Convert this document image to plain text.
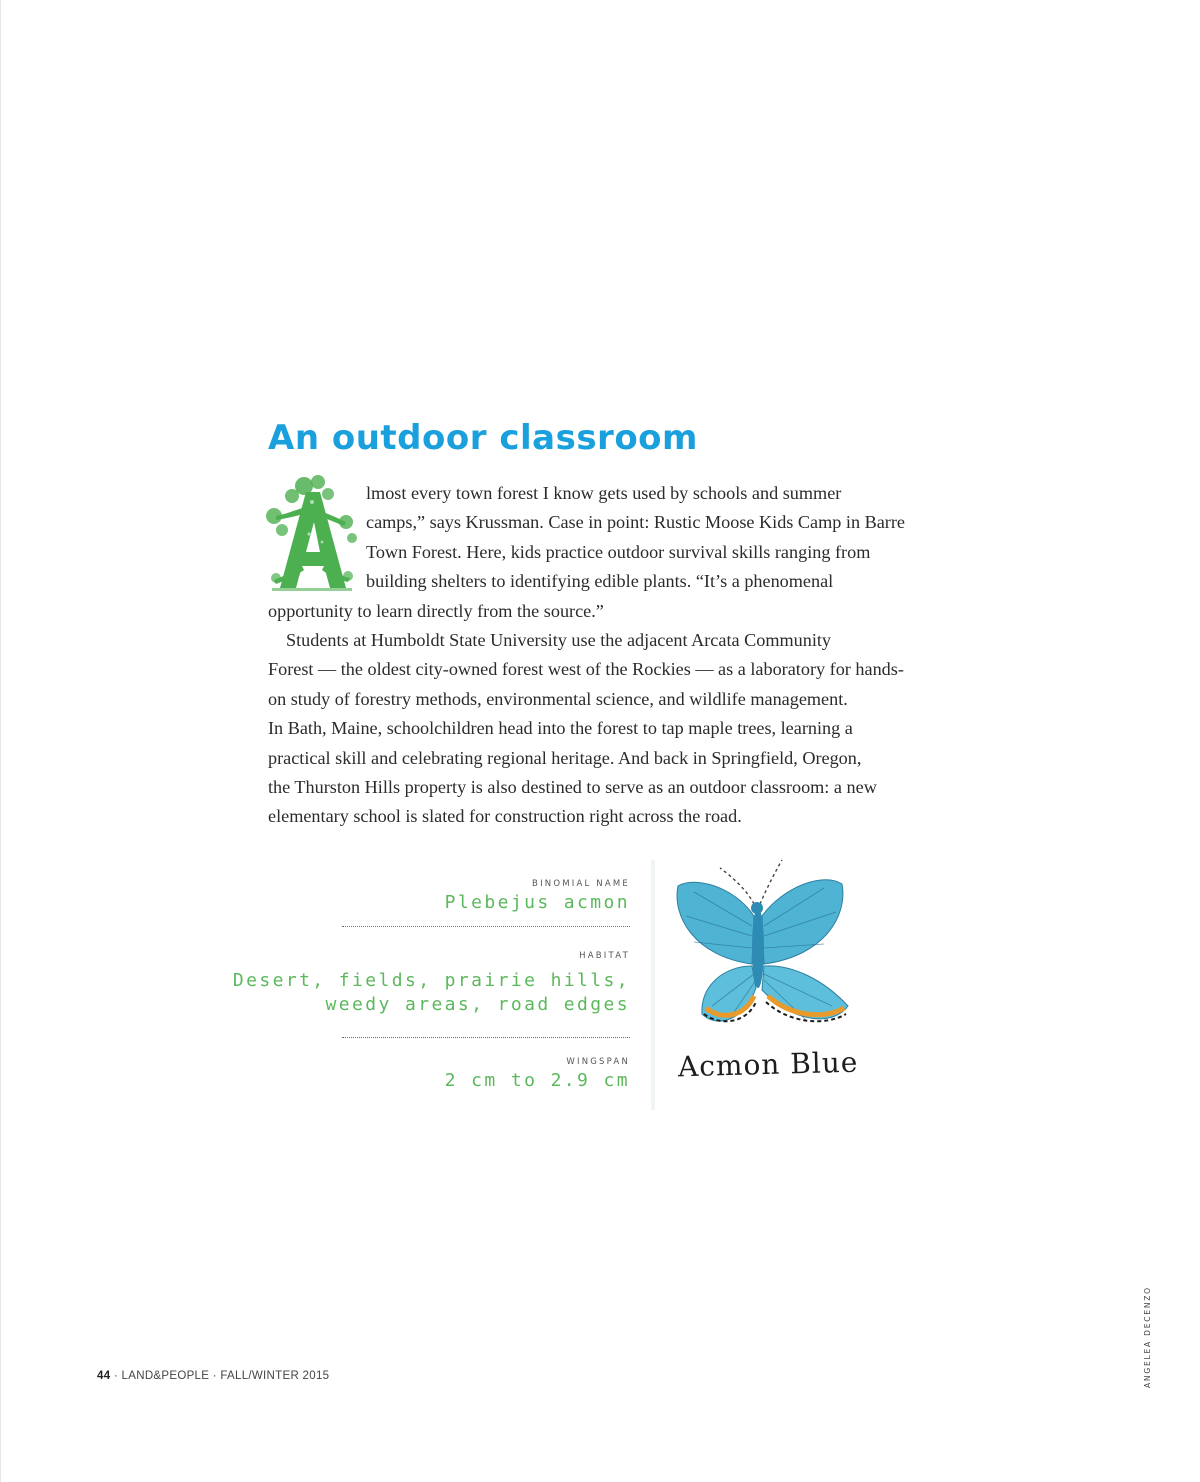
An outdoor classroom
lmost every town forest I know gets used by schools and summer
camps,” says Krussman. Case in point: Rustic Moose Kids Camp in Barre
Town Forest. Here, kids practice outdoor survival skills ranging from
building shelters to identifying edible plants. “It’s a phenomenal
opportunity to learn directly from the source.”
Students at Humboldt State University use the adjacent Arcata Community
Forest — the oldest city-owned forest west of the Rockies — as a laboratory for hands-
on study of forestry methods, environmental science, and wildlife management.
In Bath, Maine, schoolchildren head into the forest to tap maple trees, learning a
practical skill and celebrating regional heritage. And back in Springfield, Oregon,
the Thurston Hills property is also destined to serve as an outdoor classroom: a new
elementary school is slated for construction right across the road.
BINOMIAL NAME
Plebejus acmon
HABITAT
Desert, fields, prairie hills,
weedy areas, road edges
WINGSPAN
2 cm to 2.9 cm Acmon Blue
44 · LAND&PEOPLE · FALL/WINTER 2015	ANGELEA DECENZO
